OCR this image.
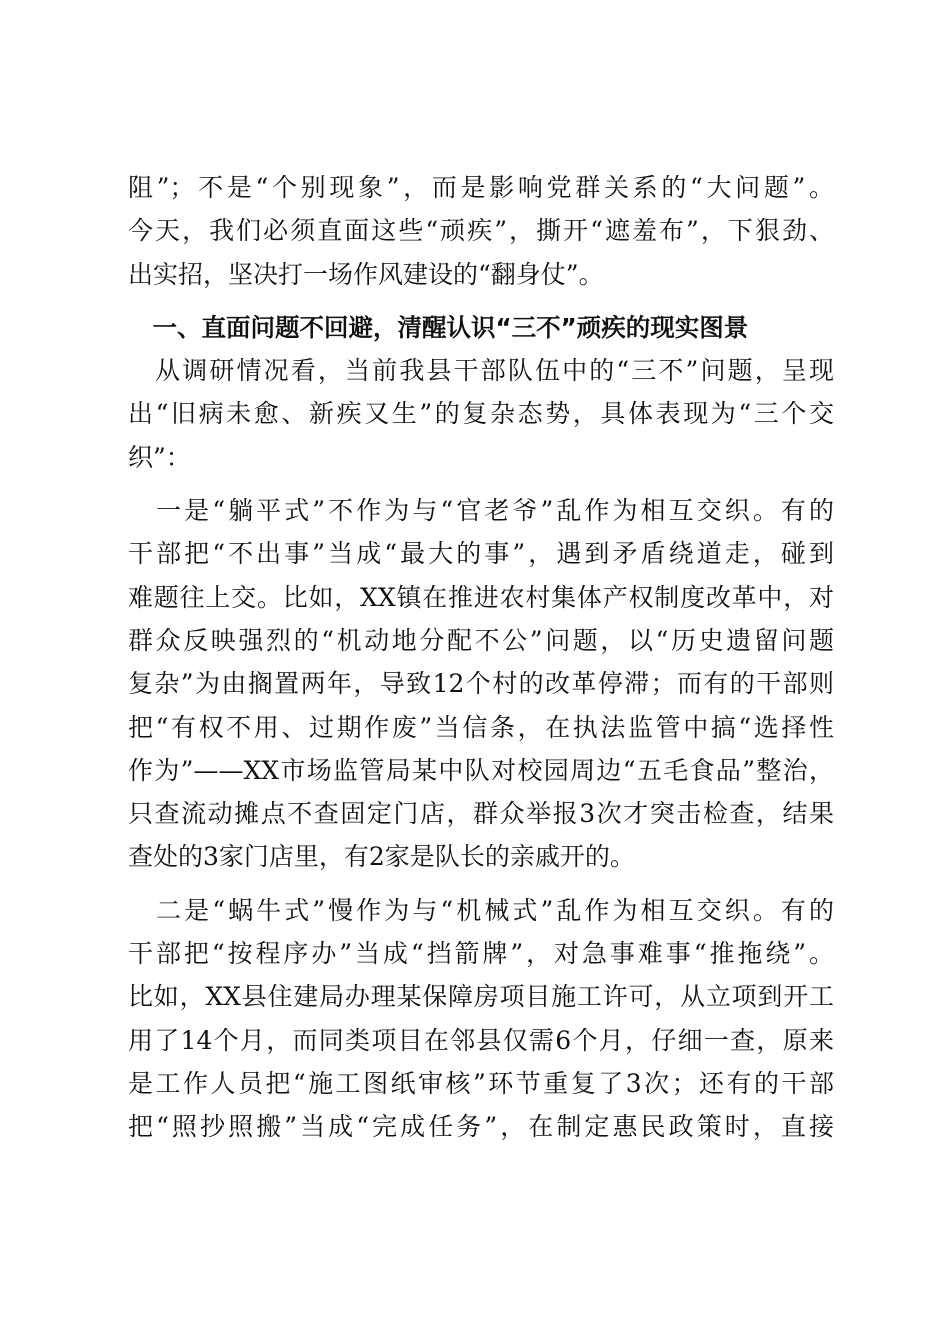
阻”；不是“个别现象”，而是影响党群关系的“大问题”。
今天，我们必须直面这些“顽疾”，撕开“遮羞布”，下狠劲、
出实招，坚决打一场作风建设的“翻身仗”。
　一、直面问题不回避，清醒认识“三不”顽疾的现实图景
　从调研情况看，当前我县干部队伍中的“三不”问题，呈现
出“旧病未愈、新疾又生”的复杂态势，具体表现为“三个交
织”：
　一是“躺平式”不作为与“官老爷”乱作为相互交织。有的
干部把“不出事”当成“最大的事”，遇到矛盾绕道走，碰到
难题往上交。比如，XX镇在推进农村集体产权制度改革中，对
群众反映强烈的“机动地分配不公”问题，以“历史遗留问题
复杂”为由搁置两年，导致12个村的改革停滞；而有的干部则
把“有权不用、过期作废”当信条，在执法监管中搞“选择性
作为”——XX市场监管局某中队对校园周边“五毛食品”整治，
只查流动摊点不查固定门店，群众举报3次才突击检查，结果
查处的3家门店里，有2家是队长的亲戚开的。
　二是“蜗牛式”慢作为与“机械式”乱作为相互交织。有的
干部把“按程序办”当成“挡箭牌”，对急事难事“推拖绕”。
比如，XX县住建局办理某保障房项目施工许可，从立项到开工
用了14个月，而同类项目在邻县仅需6个月，仔细一查，原来
是工作人员把“施工图纸审核”环节重复了3次；还有的干部
把“照抄照搬”当成“完成任务”，在制定惠民政策时，直接
